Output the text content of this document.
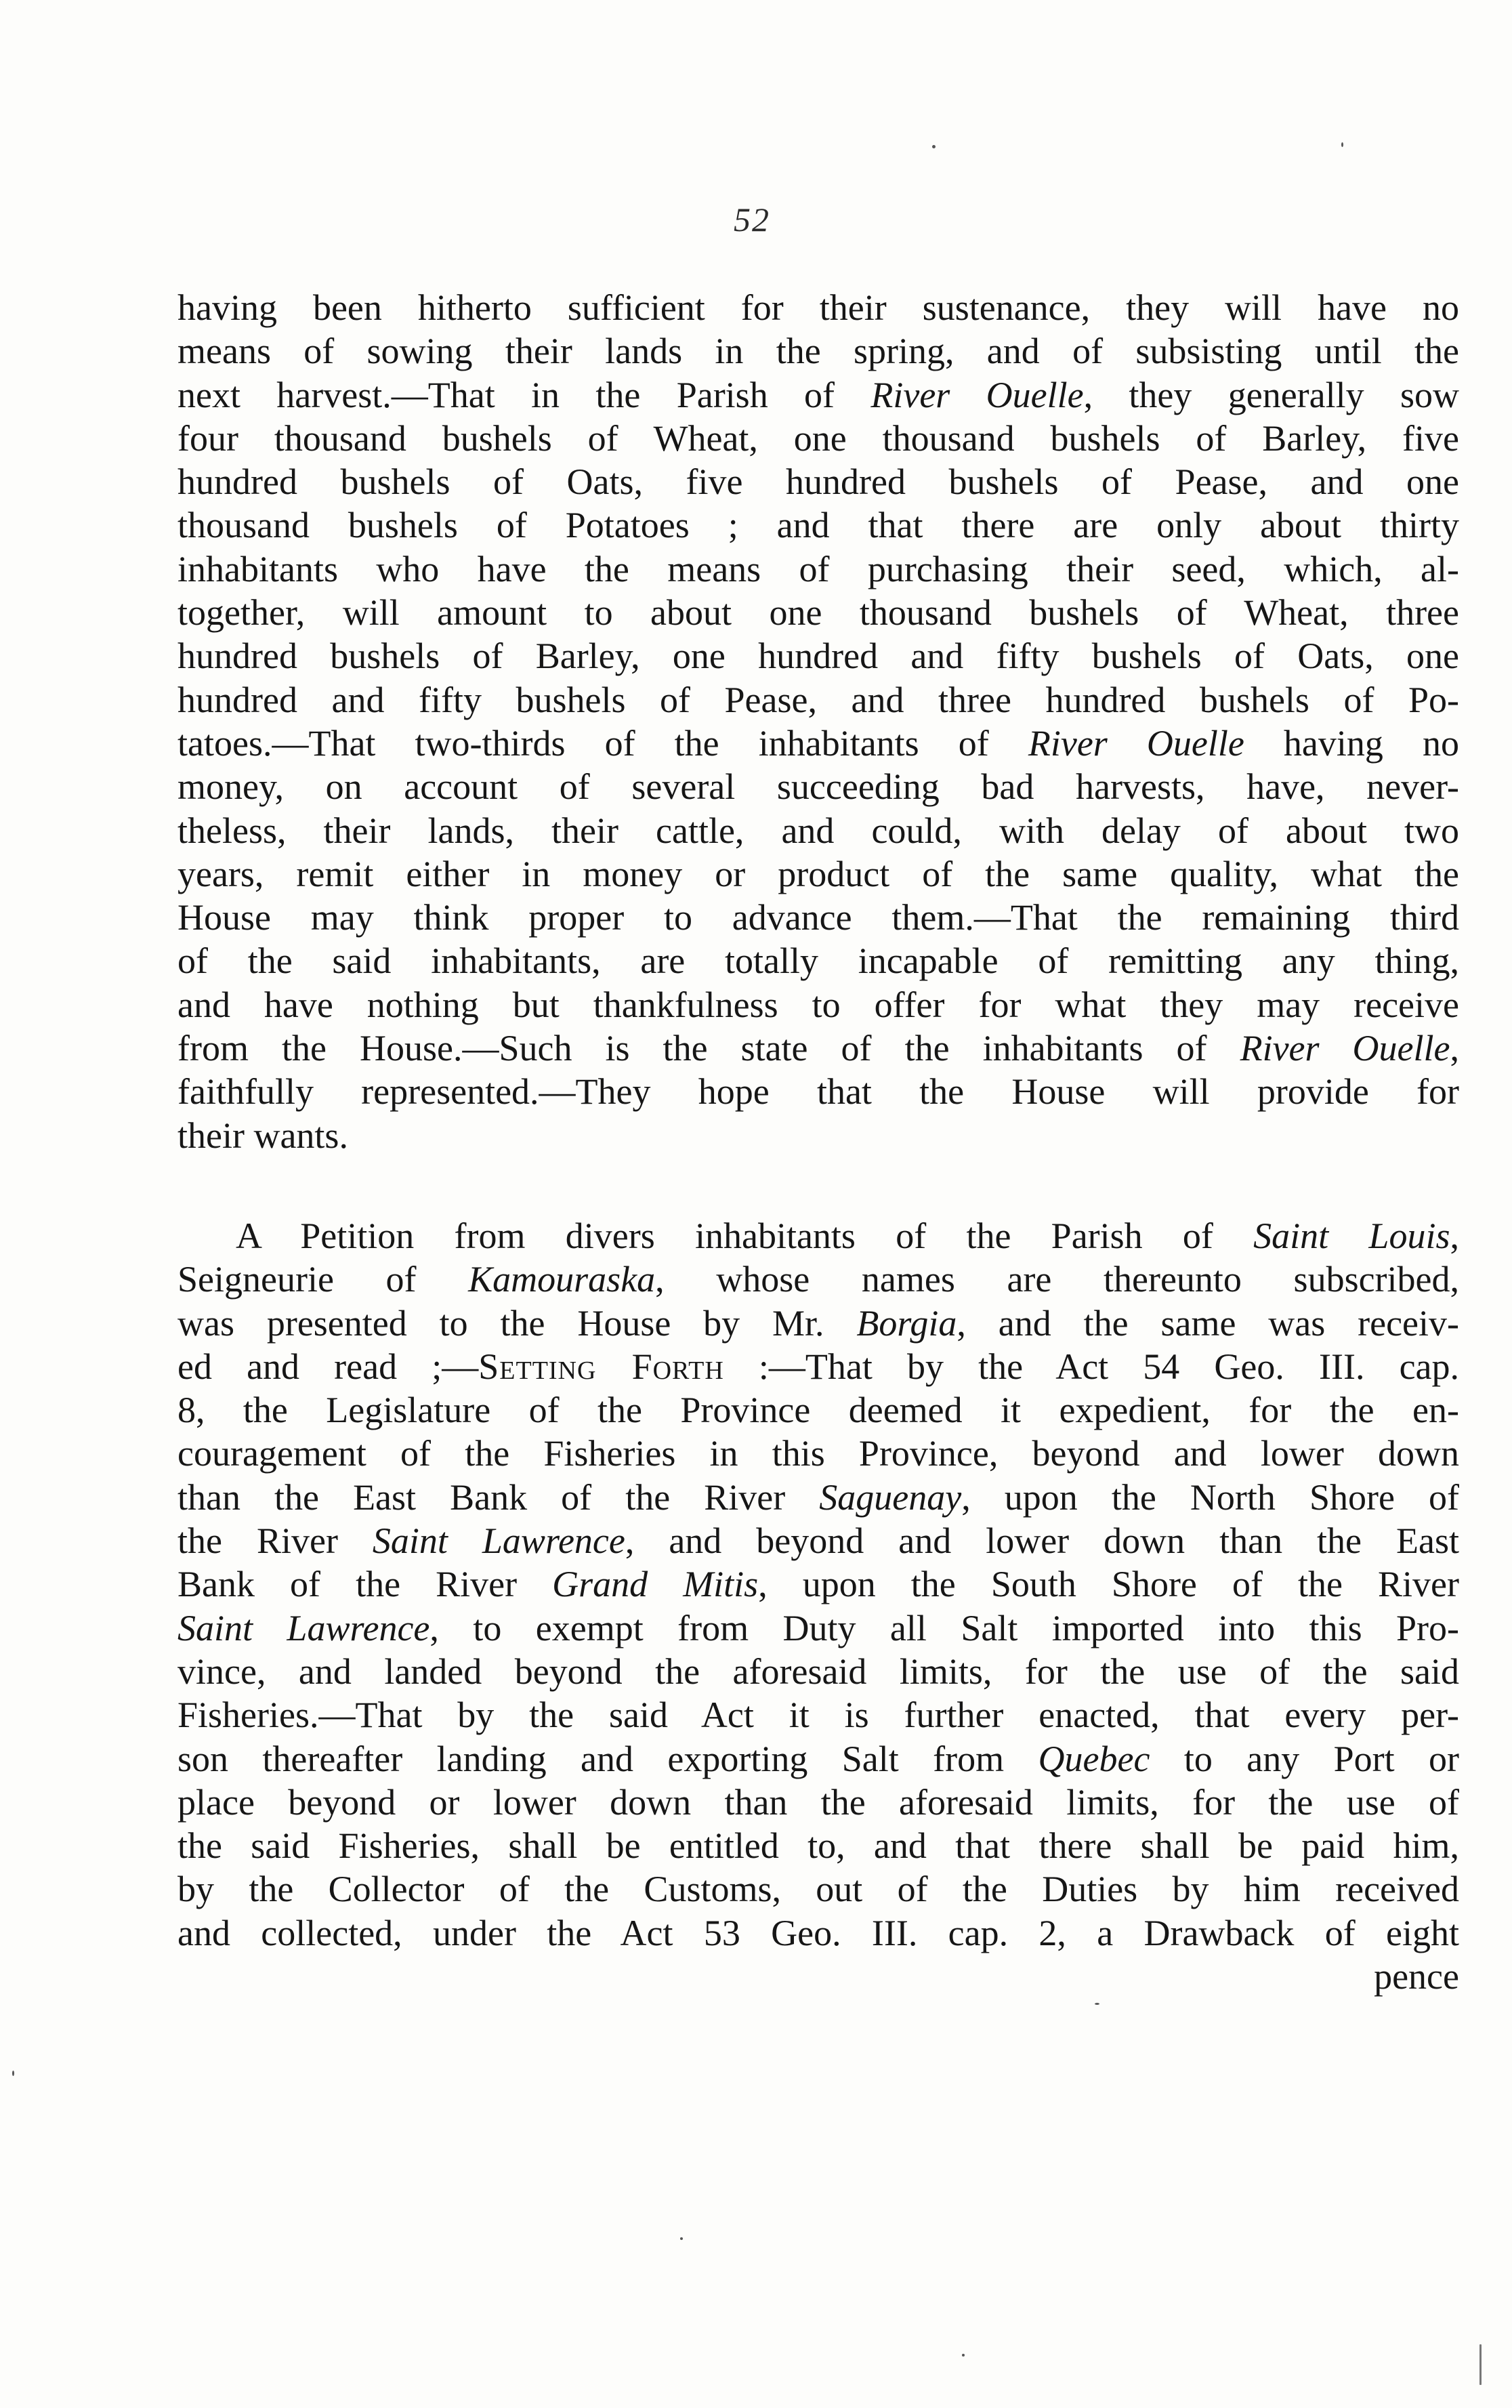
52
having been hitherto sufficient for their sustenance, they will have no
means of sowing their lands in the spring, and of subsisting until the
next harvest.—That in the Parish of River Ouelle, they generally sow
four thousand bushels of Wheat, one thousand bushels of Barley, five
hundred bushels of Oats, five hundred bushels of Pease, and one
thousand bushels of Potatoes ; and that there are only about thirty
inhabitants who have the means of purchasing their seed, which, al-
together, will amount to about one thousand bushels of Wheat, three
hundred bushels of Barley, one hundred and fifty bushels of Oats, one
hundred and fifty bushels of Pease, and three hundred bushels of Po-
tatoes.—That two-thirds of the inhabitants of River Ouelle having no
money, on account of several succeeding bad harvests, have, never-
theless, their lands, their cattle, and could, with delay of about two
years, remit either in money or product of the same quality, what the
House may think proper to advance them.—That the remaining third
of the said inhabitants, are totally incapable of remitting any thing,
and have nothing but thankfulness to offer for what they may receive
from the House.—Such is the state of the inhabitants of River Ouelle,
faithfully represented.—They hope that the House will provide for
their wants.
A Petition from divers inhabitants of the Parish of Saint Louis,
Seigneurie of Kamouraska, whose names are thereunto subscribed,
was presented to the House by Mr. Borgia, and the same was receiv-
ed and read ;—Setting Forth :—That by the Act 54 Geo. III. cap.
8, the Legislature of the Province deemed it expedient, for the en-
couragement of the Fisheries in this Province, beyond and lower down
than the East Bank of the River Saguenay, upon the North Shore of
the River Saint Lawrence, and beyond and lower down than the East
Bank of the River Grand Mitis, upon the South Shore of the River
Saint Lawrence, to exempt from Duty all Salt imported into this Pro-
vince, and landed beyond the aforesaid limits, for the use of the said
Fisheries.—That by the said Act it is further enacted, that every per-
son thereafter landing and exporting Salt from Quebec to any Port or
place beyond or lower down than the aforesaid limits, for the use of
the said Fisheries, shall be entitled to, and that there shall be paid him,
by the Collector of the Customs, out of the Duties by him received
and collected, under the Act 53 Geo. III. cap. 2, a Drawback of eight
pence
